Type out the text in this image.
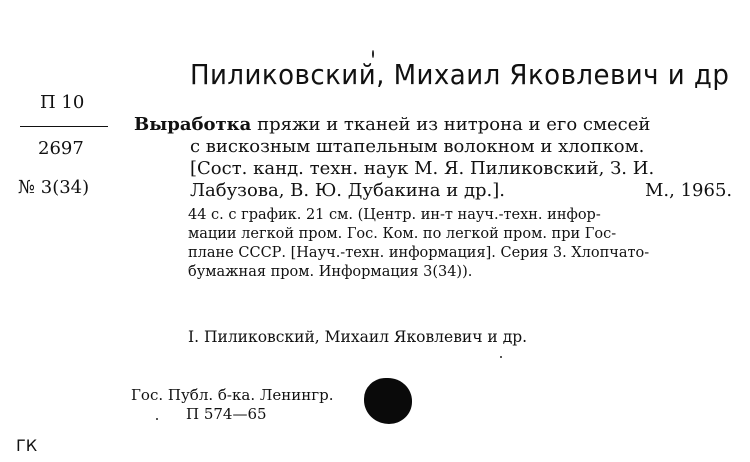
Пиликовский, Михаил Яковлевич и др
П 10
2697
№ 3(34)
Выработка пряжи и тканей из нитрона и его смесей
с вискозным штапельным волокном и хлопком.
[Сост. канд. техн. наук М. Я. Пиликовский, З. И.
Лабузова, В. Ю. Дубакина и др.].	М., 1965.
44 с. с график. 21 см. (Центр. ин-т науч.-техн. инфор-
мации легкой пром. Гос. Ком. по легкой пром. при Гос-
плане СССР. [Науч.-техн. информация]. Серия 3. Хлопчато-
бумажная пром. Информация 3(34)).
I. Пиликовский, Михаил Яковлевич и др.
Гос. Публ. б-ка. Ленингр.
П 574—65
ГК
